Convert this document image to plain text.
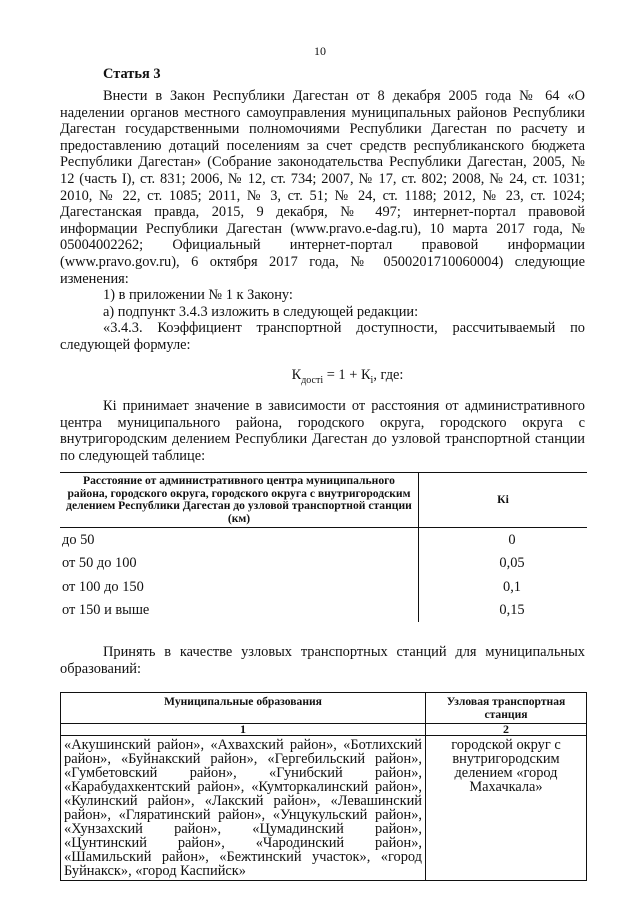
10
Статья 3

Внести в Закон Республики Дагестан от 8 декабря 2005 года № 64 «О наделении органов местного самоуправления муниципальных районов Республики Дагестан государственными полномочиями Республики Дагестан по расчету и предоставлению дотаций поселениям за счет средств республиканского бюджета Республики Дагестан» (Собрание законодательства Республики Дагестан, 2005, № 12 (часть I), ст. 831; 2006, № 12, ст. 734; 2007, № 17, ст. 802; 2008, № 24, ст. 1031; 2010, № 22, ст. 1085; 2011, № 3, ст. 51; № 24, ст. 1188; 2012, № 23, ст. 1024; Дагестанская правда, 2015, 9 декабря, № 497; интернет-портал правовой информации Республики Дагестан (www.pravo.e-dag.ru), 10 марта 2017 года, № 05004002262; Официальный интернет-портал правовой информации (www.pravo.gov.ru), 6 октября 2017 года, № 0500201710060004) следующие изменения:

1) в приложении № 1 к Закону:

а) подпункт 3.4.3 изложить в следующей редакции:

«3.4.3. Коэффициент транспортной доступности, рассчитываемый по следующей формуле:

$К_{дості} = 1 + К_i$, где:

Кi принимает значение в зависимости от расстояния от административного центра муниципального района, городского округа, городского округа с внутригородским делением Республики Дагестан до узловой транспортной станции по следующей таблице:

Расстояние от административного центра муниципального района, городского округа, городского округа с внутригородским делением Республики Дагестан до узловой транспортной станции (км)	Кi
до 50	0
от 50 до 100	0,05
от 100 до 150	0,1
от 150 и выше	0,15

Принять в качестве узловых транспортных станций для муниципальных образований:

Муниципальные образования	Узловая транспортная станция
1	2
«Акушинский район», «Ахвахский район», «Ботлихский район», «Буйнакский район», «Гергебильский район», «Гумбетовский район», «Гунибский район», «Карабудахкентский район», «Кумторкалинский район», «Кулинский район», «Лакский район», «Левашинский район», «Гляратинский район», «Унцукульский район», «Хунзахский район», «Цумадинский район», «Цунтинский район», «Чародинский район», «Шамильский район», «Бежтинский участок», «город Буйнакск», «город Каспийск»	городской округ с внутригородским делением «город Махачкала»
